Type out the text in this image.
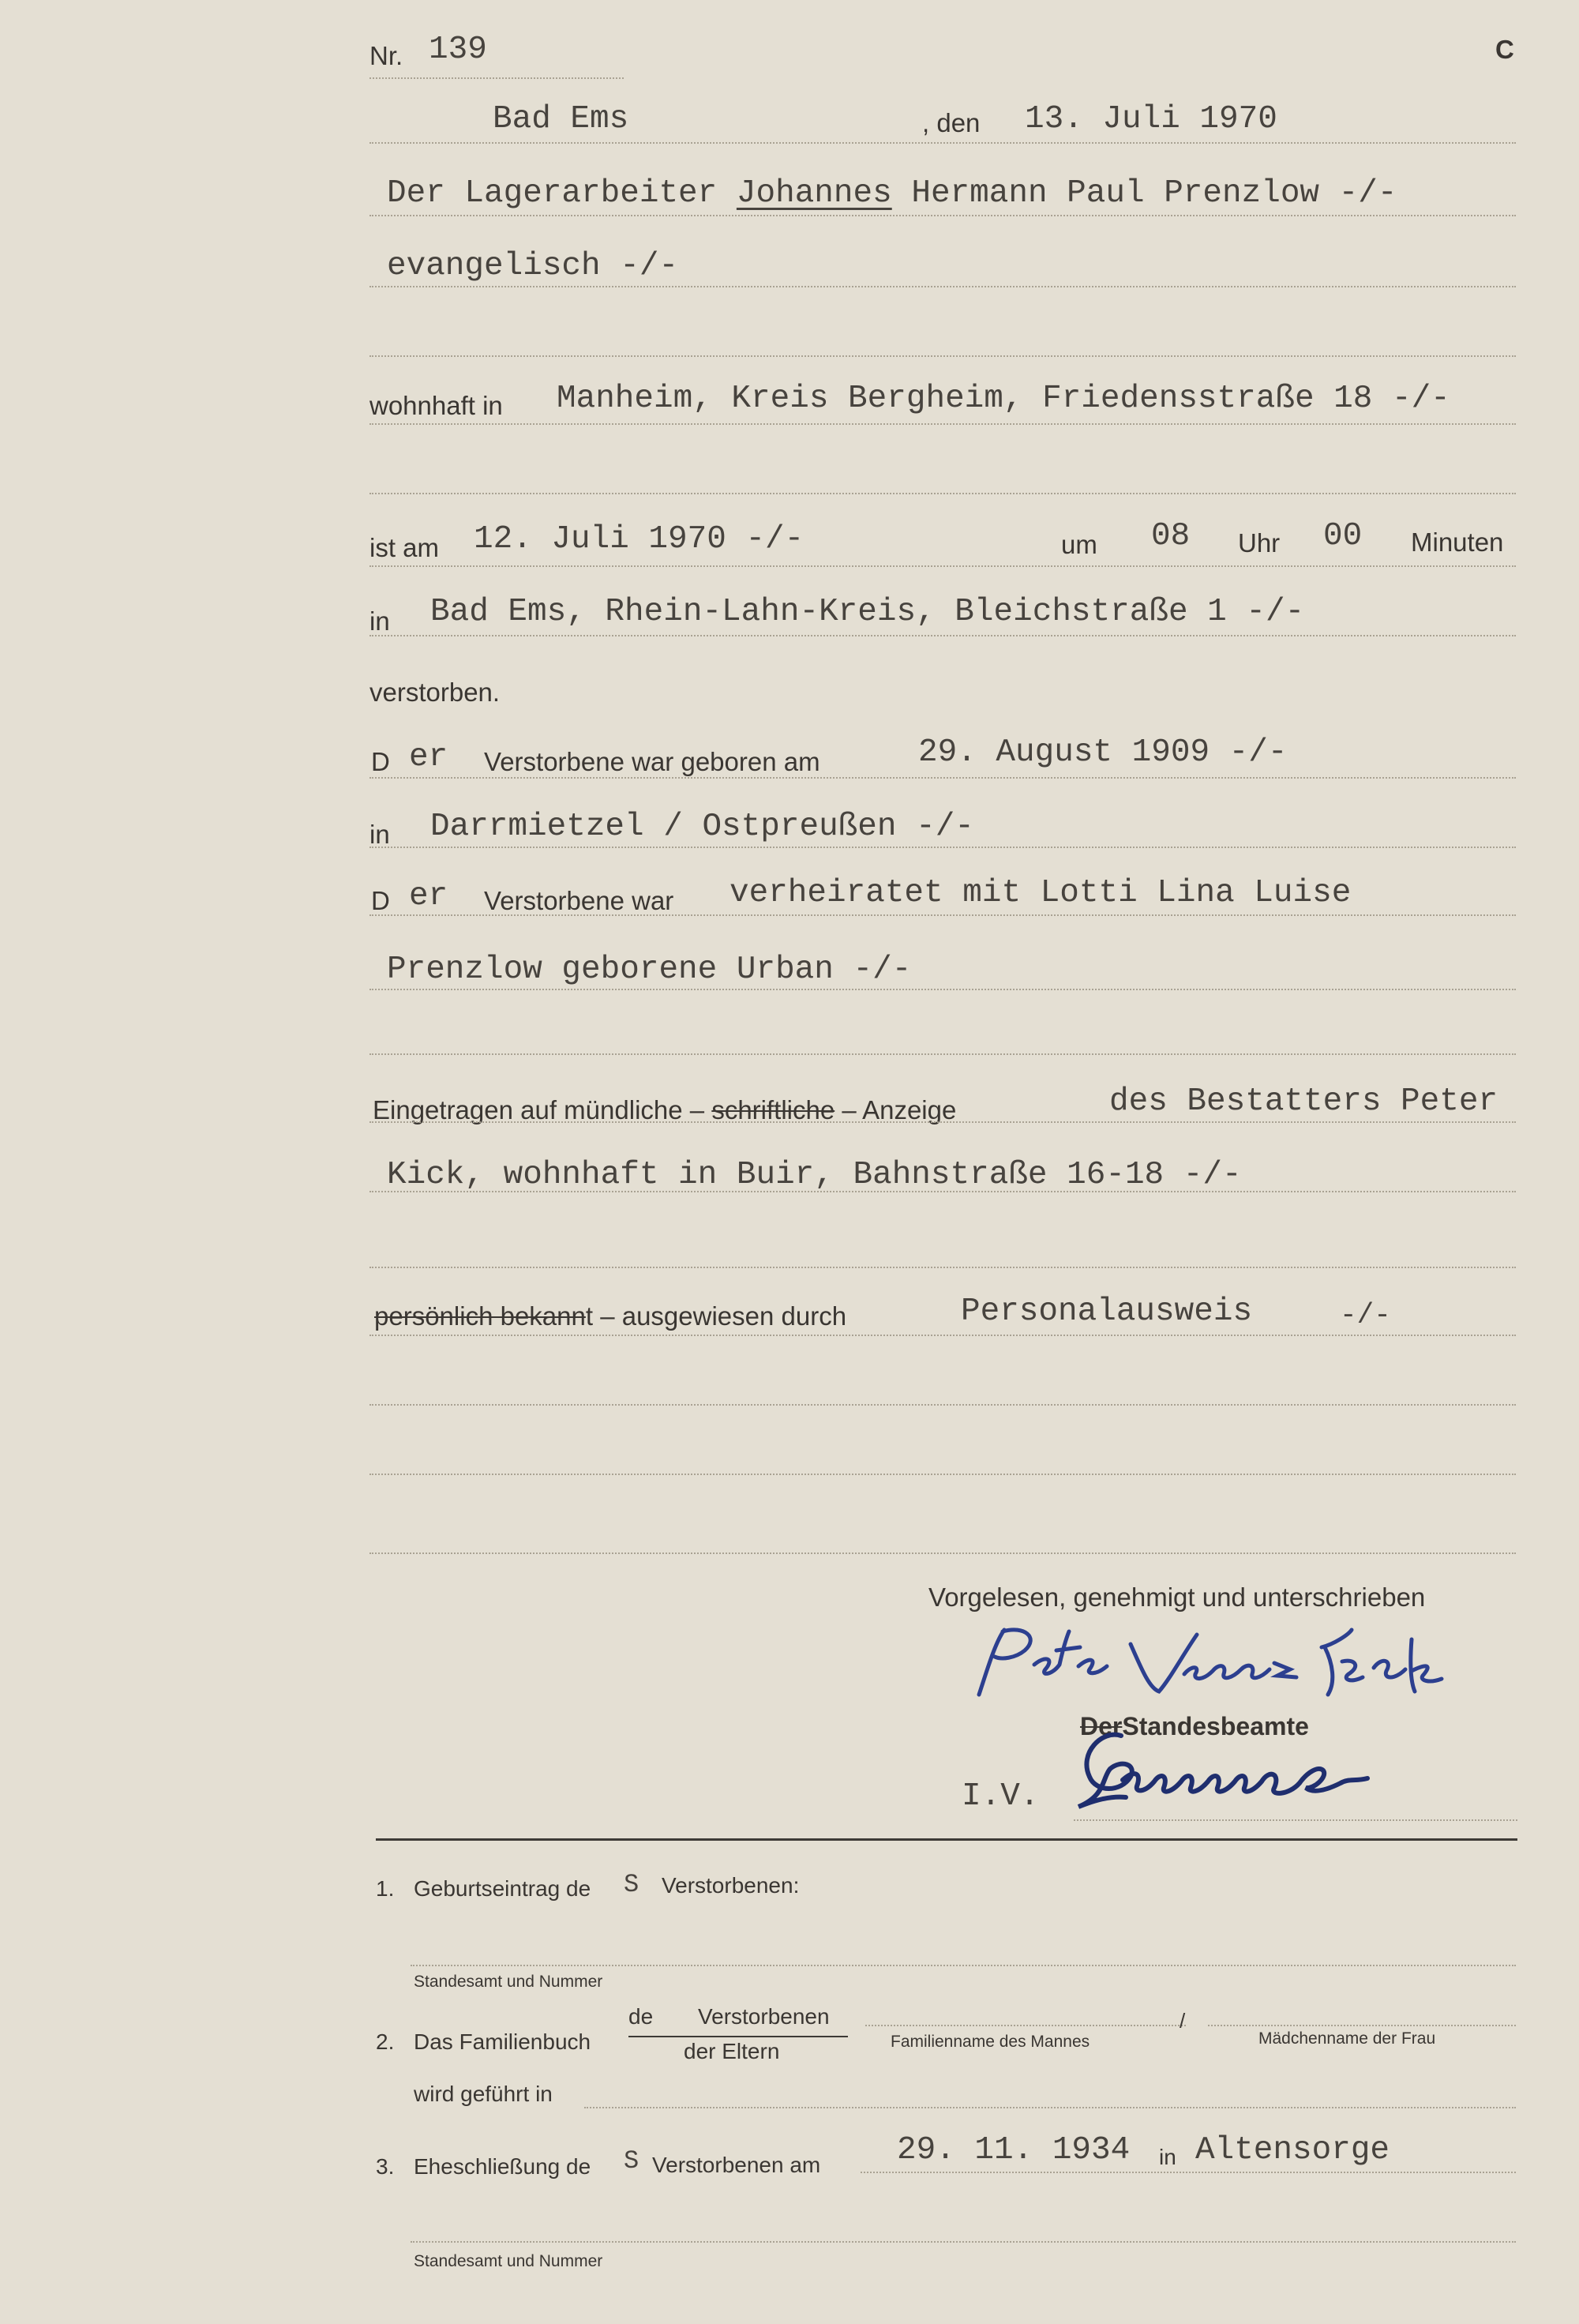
Nr. 139	C
Bad Ems	, den 13. Juli 1970
Der Lagerarbeiter Johannes Hermann Paul Prenzlow -/-
evangelisch -/-
wohnhaft in Manheim, Kreis Bergheim, Friedensstraße 18 -/-
ist am 12. Juli 1970 -/-	um 08 Uhr 00 Minuten
in Bad Ems, Rhein-Lahn-Kreis, Bleichstraße 1 -/-
verstorben.
D er Verstorbene war geboren am	29. August 1909 -/-
in Darrmietzel / Ostpreußen -/-
D er Verstorbene war verheiratet mit Lotti Lina Luise
Prenzlow geborene Urban -/-
Eingetragen auf mündliche – schriftliche – Anzeige	des Bestatters Peter
Kick, wohnhaft in Buir, Bahnstraße 16-18 -/-
persönlich bekannt – ausgewiesen durch	Personalausweis	-/-
Vorgelesen, genehmigt und unterschrieben
DerStandesbeamte
I.V.
1. Geburtseintrag de S Verstorbenen:
Standesamt und Nummer
2. Das Familienbuch
de Verstorbenen
der Eltern	Familienname des Mannes
/
Mädchenname der Frau
wird geführt in
3. Eheschließung de S Verstorbenen am 29. 11. 1934 in Altensorge
Standesamt und Nummer
